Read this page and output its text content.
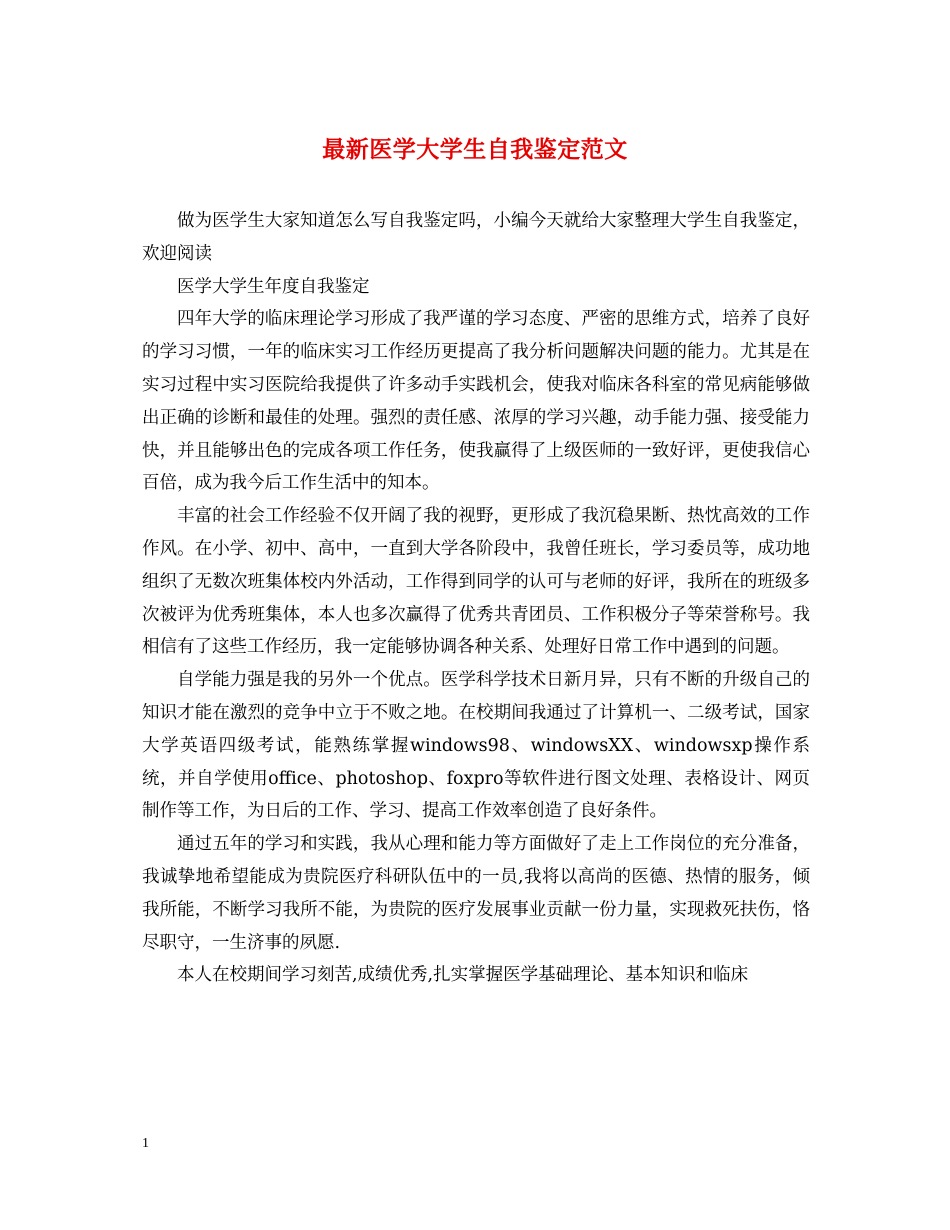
最新医学大学生自我鉴定范文

做为医学生大家知道怎么写自我鉴定吗，小编今天就给大家整理大学生自我鉴定，欢迎阅读

医学大学生年度自我鉴定

四年大学的临床理论学习形成了我严谨的学习态度、严密的思维方式，培养了良好的学习习惯，一年的临床实习工作经历更提高了我分析问题解决问题的能力。尤其是在实习过程中实习医院给我提供了许多动手实践机会，使我对临床各科室的常见病能够做出正确的诊断和最佳的处理。强烈的责任感、浓厚的学习兴趣，动手能力强、接受能力快，并且能够出色的完成各项工作任务，使我赢得了上级医师的一致好评，更使我信心百倍，成为我今后工作生活中的知本。

丰富的社会工作经验不仅开阔了我的视野，更形成了我沉稳果断、热忱高效的工作作风。在小学、初中、高中，一直到大学各阶段中，我曾任班长，学习委员等，成功地组织了无数次班集体校内外活动，工作得到同学的认可与老师的好评，我所在的班级多次被评为优秀班集体，本人也多次赢得了优秀共青团员、工作积极分子等荣誉称号。我相信有了这些工作经历，我一定能够协调各种关系、处理好日常工作中遇到的问题。

自学能力强是我的另外一个优点。医学科学技术日新月异，只有不断的升级自己的知识才能在激烈的竞争中立于不败之地。在校期间我通过了计算机一、二级考试，国家大学英语四级考试，能熟练掌握windows98、windowsXX、windowsxp操作系统，并自学使用office、photoshop、foxpro等软件进行图文处理、表格设计、网页制作等工作，为日后的工作、学习、提高工作效率创造了良好条件。

通过五年的学习和实践，我从心理和能力等方面做好了走上工作岗位的充分准备，我诚挚地希望能成为贵院医疗科研队伍中的一员,我将以高尚的医德、热情的服务，倾我所能，不断学习我所不能，为贵院的医疗发展事业贡献一份力量，实现救死扶伤，恪尽职守，一生济事的夙愿.

本人在校期间学习刻苦,成绩优秀,扎实掌握医学基础理论、基本知识和临床

1
